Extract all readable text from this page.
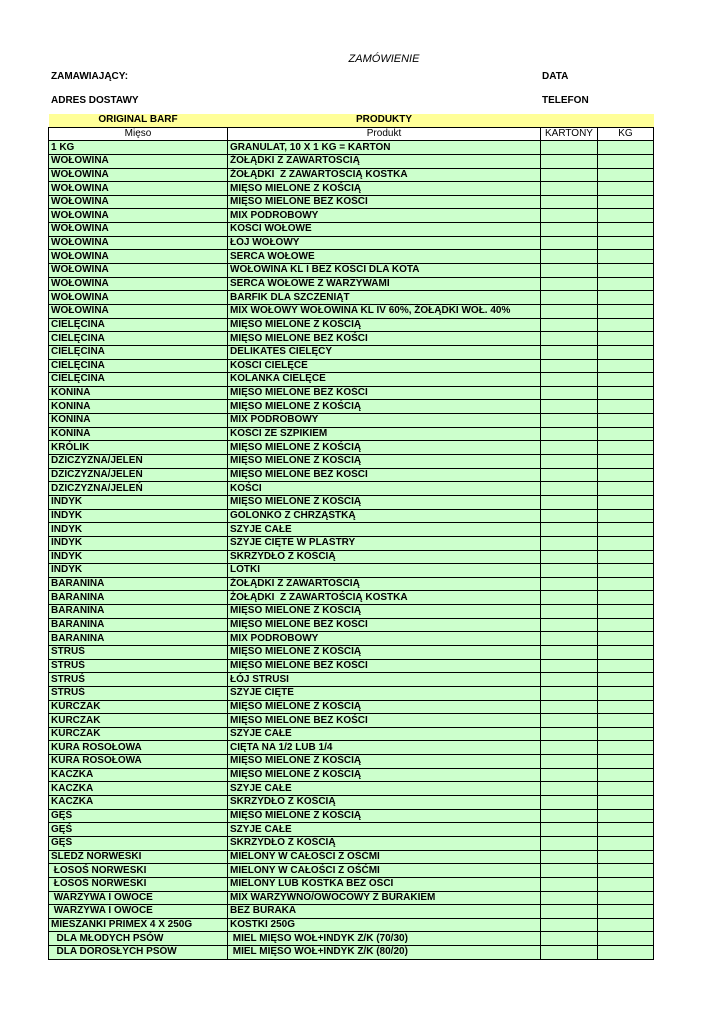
ZAMÓWIENIE
ZAMAWIAJĄCY:	DATA
ADRES DOSTAWY	TELEFON
ORIGINAL BARF	PRODUKTY		
Mięso	Produkt	KARTONY	KG
1 KG	GRANULAT, 10 X 1 KG = KARTON		
WOŁOWINA	ŻOŁĄDKI Z ZAWARTOŚCIĄ		
WOŁOWINA	ŻOŁĄDKI  Z ZAWARTOŚCIĄ KOSTKA		
WOŁOWINA	MIĘSO MIELONE Z KOŚCIĄ		
WOŁOWINA	MIĘSO MIELONE BEZ KOŚCI		
WOŁOWINA	MIX PODROBOWY		
WOŁOWINA	KOŚCI WOŁOWE		
WOŁOWINA	ŁÓJ WOŁOWY		
WOŁOWINA	SERCA WOŁOWE		
WOŁOWINA	WOŁOWINA KL I BEZ KOŚCI DLA KOTA		
WOŁOWINA	SERCA WOŁOWE Z WARZYWAMI		
WOŁOWINA	BARFIK DLA SZCZENIĄT		
WOŁOWINA	MIX WOŁOWY WOŁOWINA KL IV 60%, ŻOŁĄDKI WOŁ. 40%		
CIELĘCINA	MIĘSO MIELONE Z KOŚCIĄ		
CIELĘCINA	MIĘSO MIELONE BEZ KOŚCI		
CIELĘCINA	DELIKATES CIELĘCY		
CIELĘCINA	KOŚCI CIELĘCE		
CIELĘCINA	KOLANKA CIELĘCE		
KONINA	MIĘSO MIELONE BEZ KOŚCI		
KONINA	MIĘSO MIELONE Z KOŚCIĄ		
KONINA	MIX PODROBOWY		
KONINA	KOŚCI ZE SZPIKIEM		
KRÓLIK	MIĘSO MIELONE Z KOŚCIĄ		
DZICZYZNA/JELEŃ	MIĘSO MIELONE Z KOŚCIĄ		
DZICZYZNA/JELEŃ	MIĘSO MIELONE BEZ KOŚCI		
DZICZYZNA/JELEŃ	KOŚCI		
INDYK	MIĘSO MIELONE Z KOŚCIĄ		
INDYK	GOLONKO Z CHRZĄSTKĄ		
INDYK	SZYJE CAŁE		
INDYK	SZYJE CIĘTE W PLASTRY		
INDYK	SKRZYDŁO Z KOŚCIĄ		
INDYK	LOTKI		
BARANINA	ŻOŁĄDKI Z ZAWARTOŚCIĄ		
BARANINA	ŻOŁĄDKI  Z ZAWARTOŚCIĄ KOSTKA		
BARANINA	MIĘSO MIELONE Z KOŚCIĄ		
BARANINA	MIĘSO MIELONE BEZ KOŚCI		
BARANINA	MIX PODROBOWY		
STRUŚ	MIĘSO MIELONE Z KOŚCIĄ		
STRUŚ	MIĘSO MIELONE BEZ KOŚCI		
STRUŚ	ŁÓJ STRUSI		
STRUŚ	SZYJE CIĘTE		
KURCZAK	MIĘSO MIELONE Z KOŚCIĄ		
KURCZAK	MIĘSO MIELONE BEZ KOŚCI		
KURCZAK	SZYJE CAŁE		
KURA ROSOŁOWA	CIĘTA NA 1/2 LUB 1/4		
KURA ROSOŁOWA	MIĘSO MIELONE Z KOŚCIĄ		
KACZKA	MIĘSO MIELONE Z KOŚCIĄ		
KACZKA	SZYJE CAŁE		
KACZKA	SKRZYDŁO Z KOŚCIĄ		
GĘŚ	MIĘSO MIELONE Z KOŚCIĄ		
GĘŚ	SZYJE CAŁE		
GĘŚ	SKRZYDŁO Z KOŚCIĄ		
ŚLEDZ NORWESKI	MIELONY W CAŁOŚCI Z OŚĆMI		
ŁOSOŚ NORWESKI	MIELONY W CAŁOŚCI Z OŚĆMI		
ŁOSOŚ NORWESKI	MIELONY LUB KOSTKA BEZ OŚCI		
WARZYWA I OWOCE	MIX WARZYWNO/OWOCOWY Z BURAKIEM		
WARZYWA I OWOCE	BEZ BURAKA		
MIESZANKI PRIMEX 4 X 250G	KOSTKI 250G		
DLA MŁODYCH PSÓW	MIEL MIĘSO WOŁ+INDYK Z/K (70/30)		
DLA DOROSŁYCH PSÓW	MIEL MIĘSO WOŁ+INDYK Z/K (80/20)		
